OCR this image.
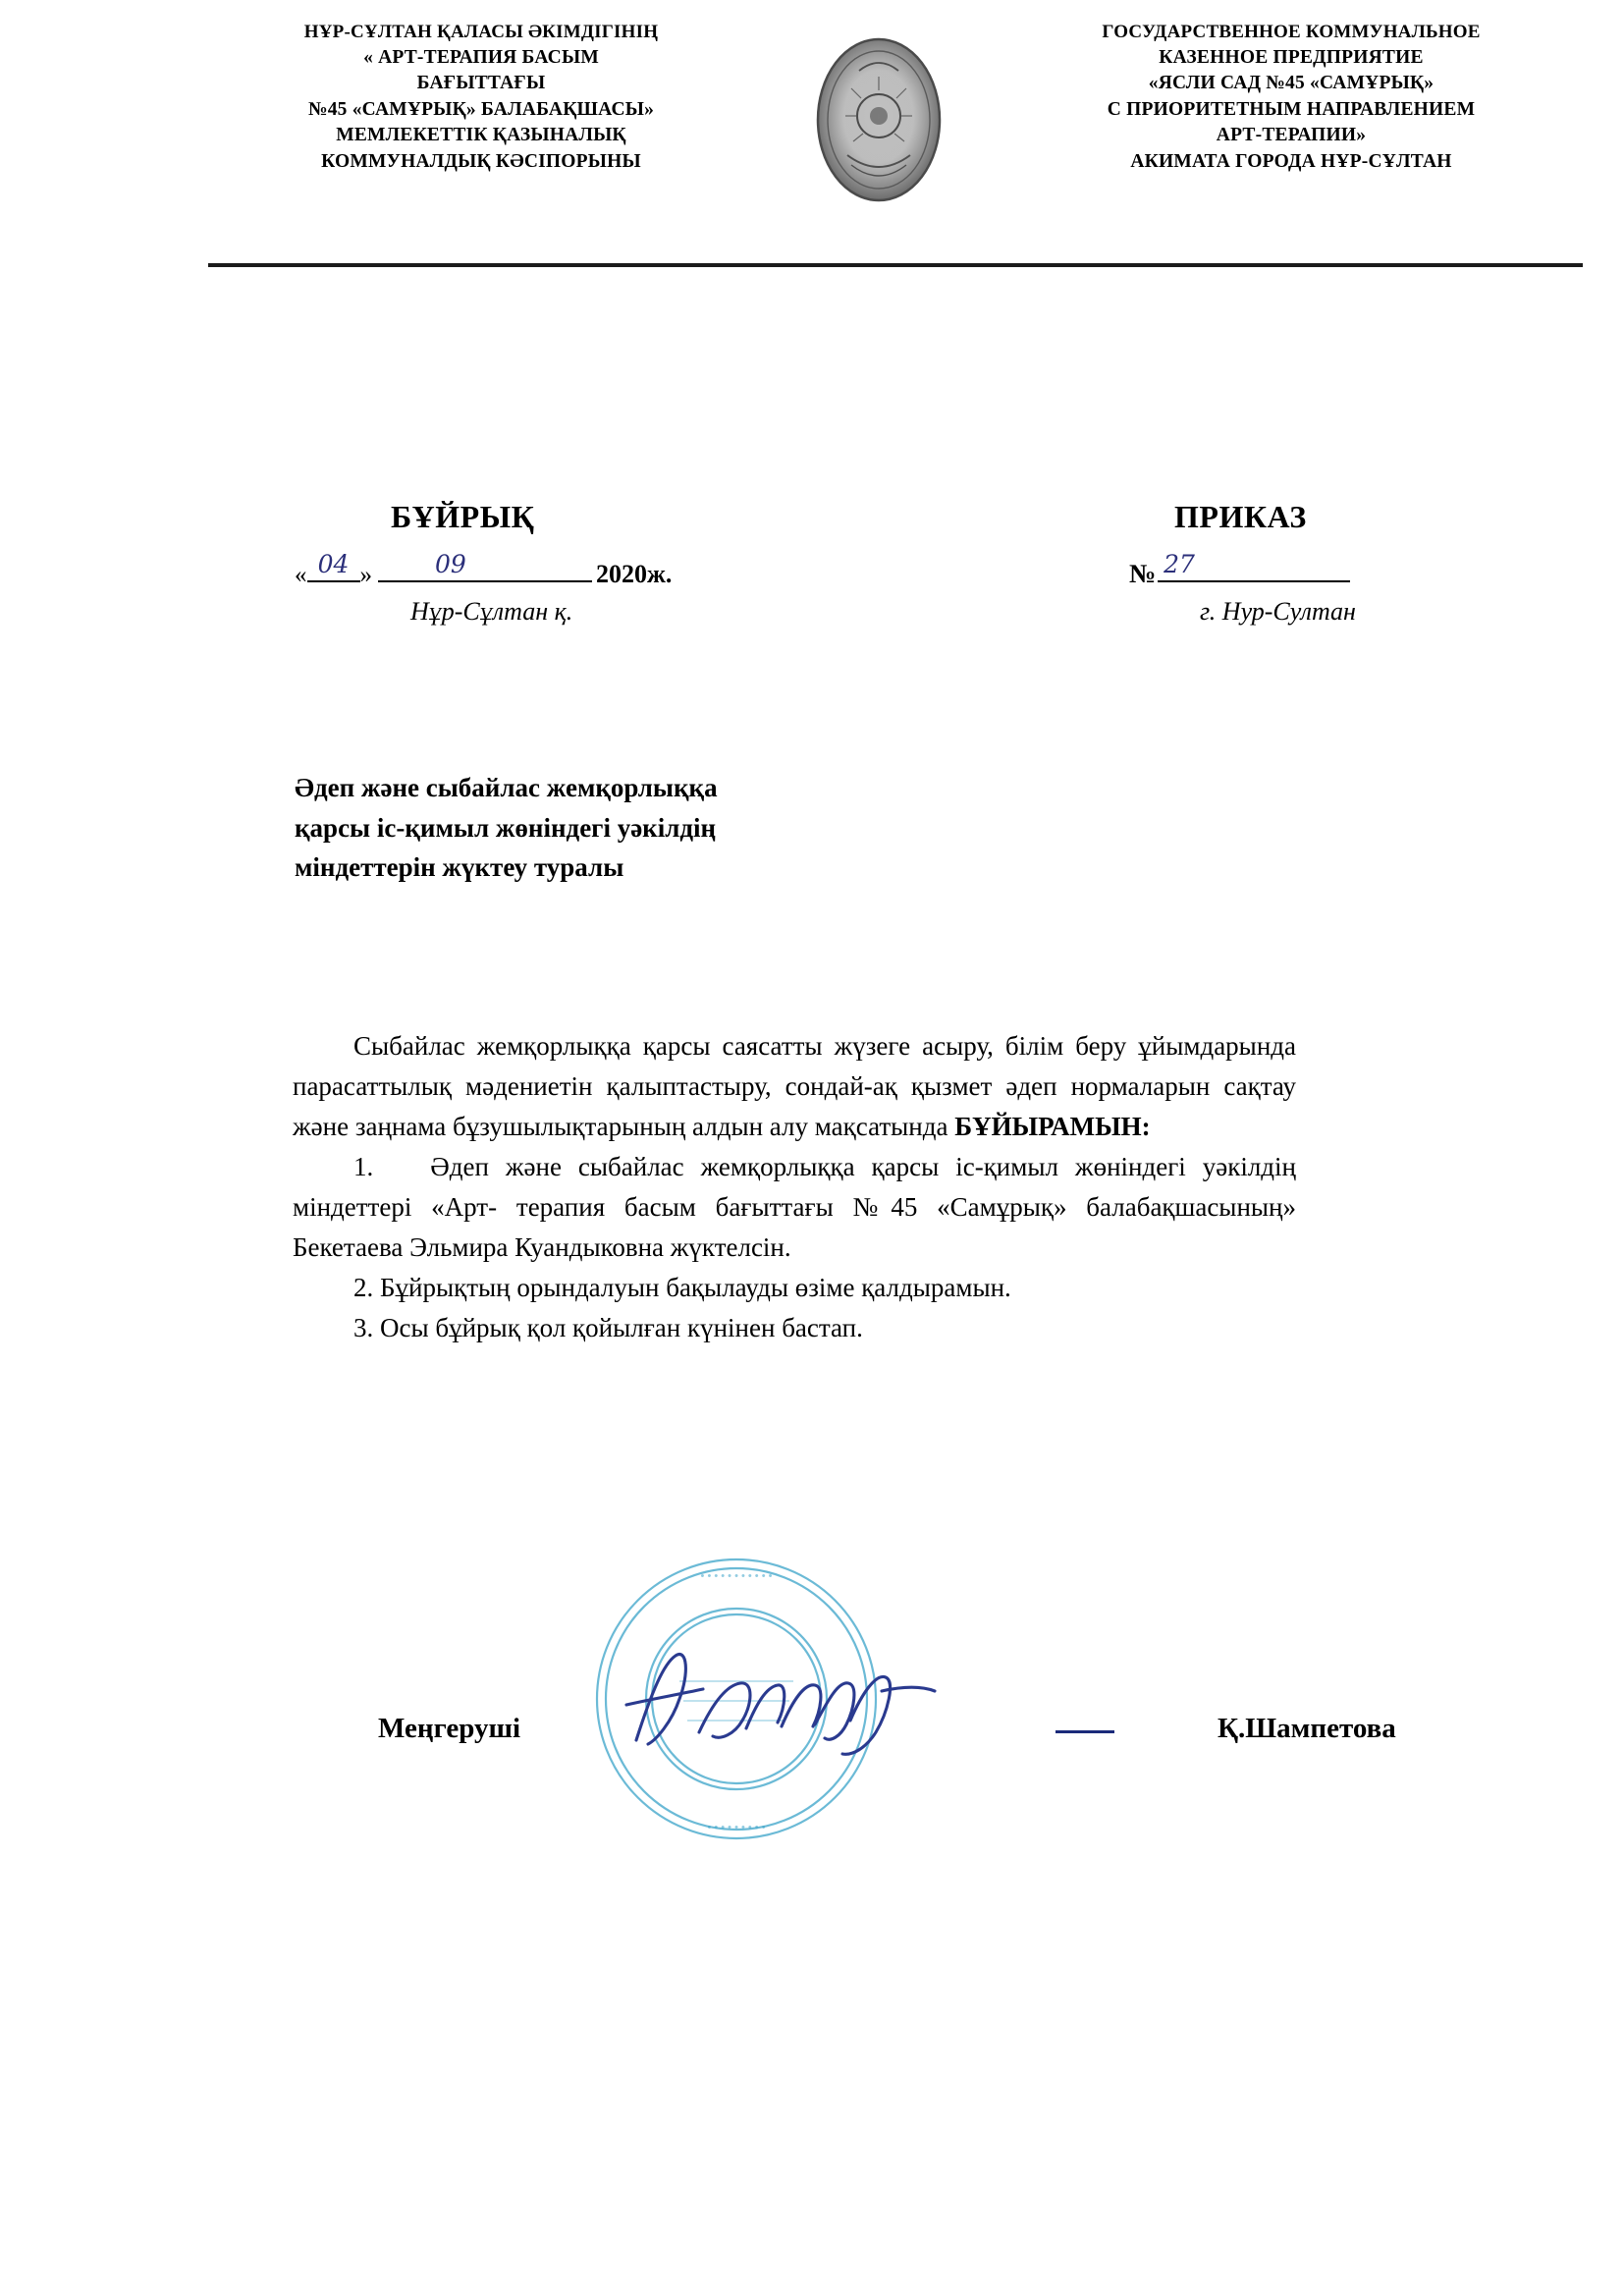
НҰР-СҰЛТАН ҚАЛАСЫ ӘКІМДІГІНІҢ
« АРТ-ТЕРАПИЯ БАСЫМ
БАҒЫТТАҒЫ
№45 «САМҰРЫҚ» БАЛАБАҚШАСЫ»
МЕМЛЕКЕТТІК ҚАЗЫНАЛЫҚ
КОММУНАЛДЫҚ КӘСІПОРЫНЫ
ГОСУДАРСТВЕННОЕ КОММУНАЛЬНОЕ
КАЗЕННОЕ ПРЕДПРИЯТИЕ
«ЯСЛИ САД №45 «САМҰРЫҚ»
С ПРИОРИТЕТНЫМ НАПРАВЛЕНИЕМ
АРТ-ТЕРАПИИ»
АКИМАТА ГОРОДА НҰР-СҰЛТАН
БҰЙРЫҚ	ПРИКАЗ
« 04 »	09	2020ж.
Нұр-Сұлтан қ.
№ 27
г. Нур-Султан
Әдеп және сыбайлас жемқорлыққа
қарсы іс-қимыл жөніндегі уәкілдің
міндеттерін жүктеу туралы

Сыбайлас жемқорлыққа қарсы саясатты жүзеге асыру, білім беру ұйымдарында парасаттылық мәдениетін қалыптастыру, сондай-ақ қызмет әдеп нормаларын сақтау және заңнама бұзушылықтарының алдын алу мақсатында БҰЙЫРАМЫН:

1. Әдеп және сыбайлас жемқорлыққа қарсы іс-қимыл жөніндегі уәкілдің міндеттері «Арт- терапия басым бағыттағы №45 «Самұрық» балабақшасының» Бекетаева Эльмира Куандыковна жүктелсін.

2. Бұйрықтың орындалуын бақылауды өзіме қалдырамын.

3. Осы бұйрық қол қойылған күнінен бастап.

• • • • • • • • • • •
• • • • • • • • •
Меңгеруші	Қ.Шампетова
